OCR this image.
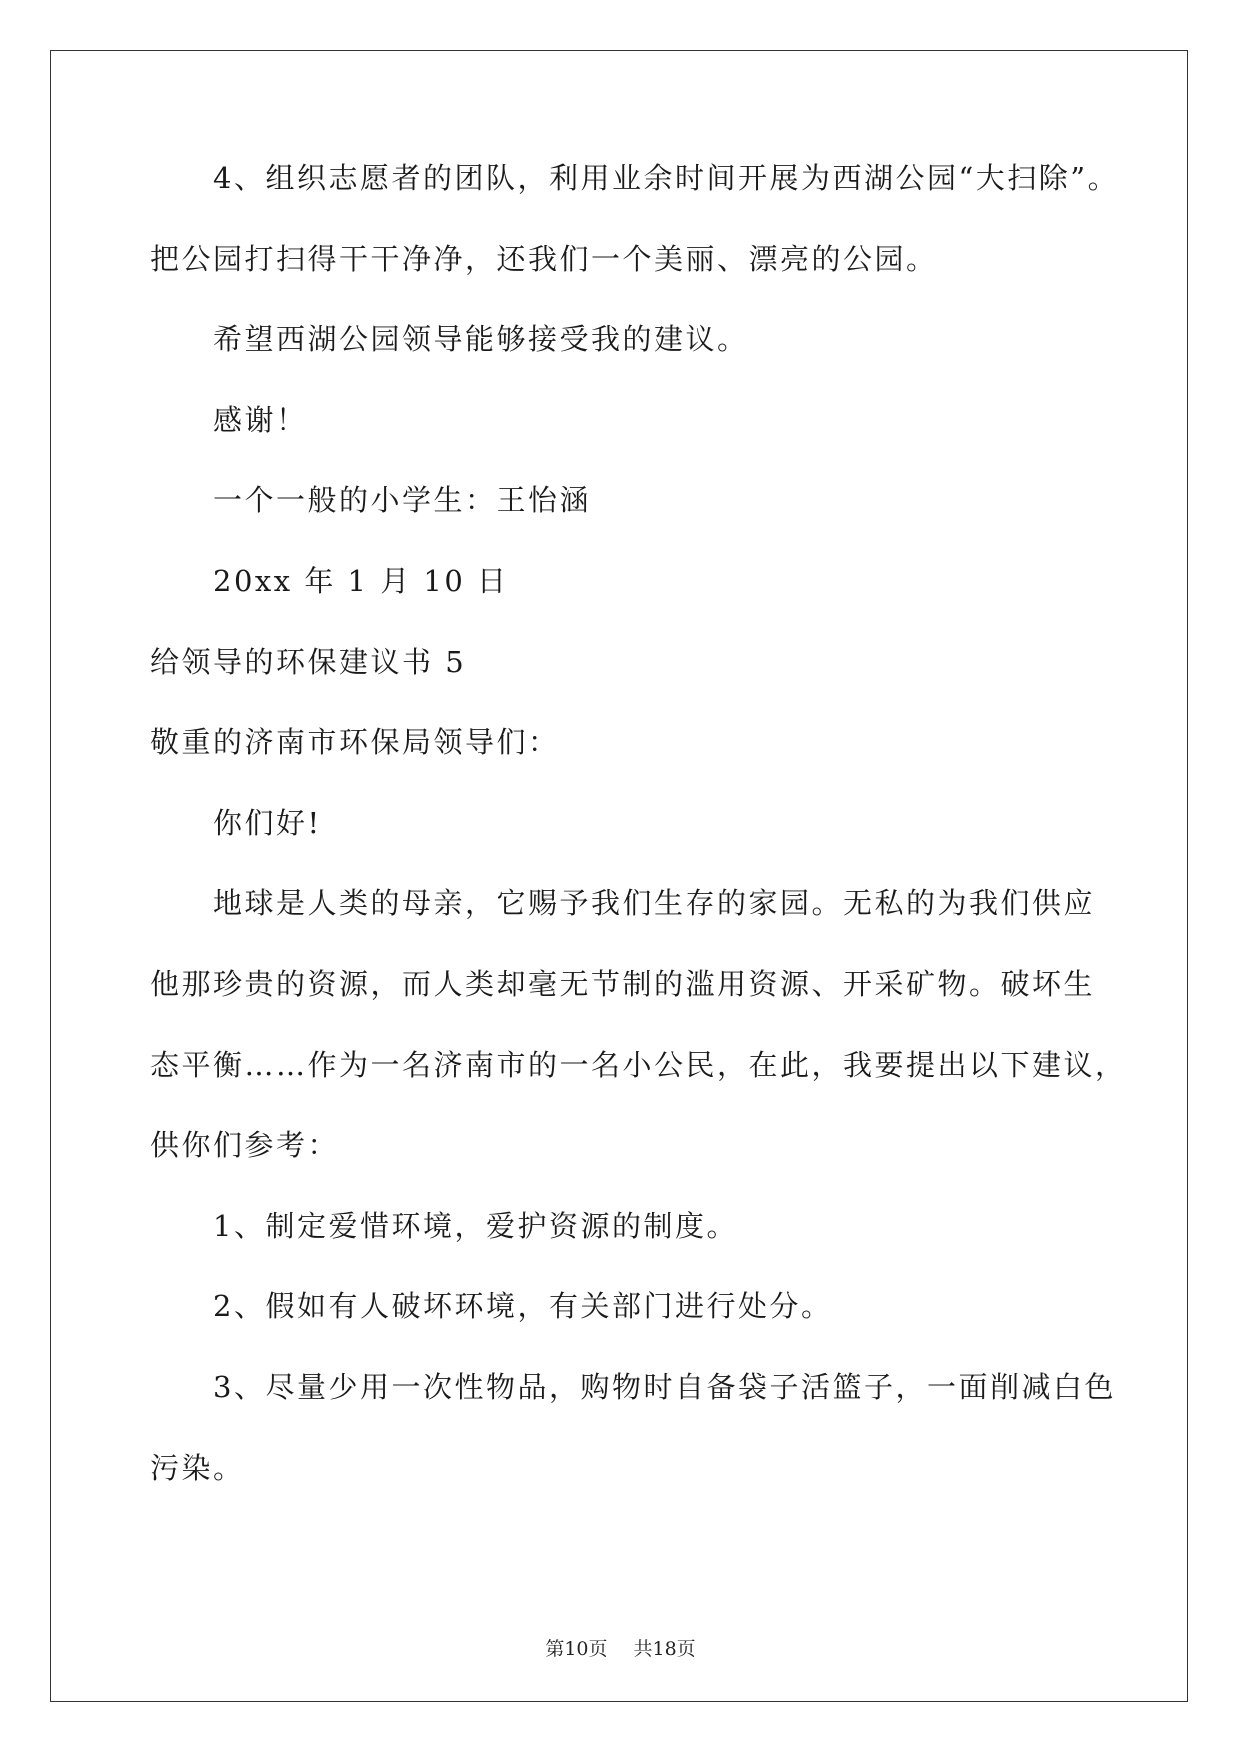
4、组织志愿者的团队，利用业余时间开展为西湖公园“大扫除”。
把公园打扫得干干净净，还我们一个美丽、漂亮的公园。
希望西湖公园领导能够接受我的建议。
感谢！
一个一般的小学生：王怡涵
20xx 年 1 月 10 日
给领导的环保建议书 5
敬重的济南市环保局领导们：
你们好!
地球是人类的母亲，它赐予我们生存的家园。无私的为我们供应
他那珍贵的资源，而人类却毫无节制的滥用资源、开采矿物。破坏生
态平衡……作为一名济南市的一名小公民，在此，我要提出以下建议，
供你们参考：
1、制定爱惜环境，爱护资源的制度。
2、假如有人破坏环境，有关部门进行处分。
3、尽量少用一次性物品，购物时自备袋子活篮子，一面削减白色
污染。
第10页 共18页
